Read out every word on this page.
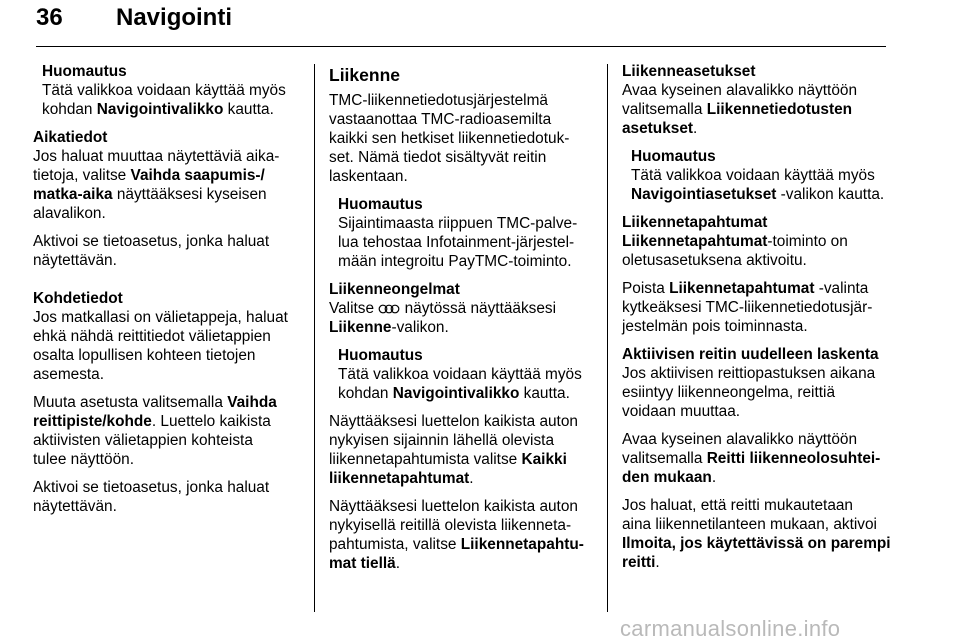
36 Navigointi
Huomautus
Tätä valikkoa voidaan käyttää myös
kohdan Navigointivalikko kautta.
Aikatiedot
Jos haluat muuttaa näytettäviä aika-
tietoja, valitse Vaihda saapumis-/
matka-aika näyttääksesi kyseisen
alavalikon.
Aktivoi se tietoasetus, jonka haluat
näytettävän.
Kohdetiedot
Jos matkallasi on välietappeja, haluat
ehkä nähdä reittitiedot välietappien
osalta lopullisen kohteen tietojen
asemesta.
Muuta asetusta valitsemalla Vaihda
reittipiste/kohde. Luettelo kaikista
aktiivisten välietappien kohteista
tulee näyttöön.
Aktivoi se tietoasetus, jonka haluat
näytettävän.
Liikenne
TMC-liikennetiedotusjärjestelmä
vastaanottaa TMC-radioasemilta
kaikki sen hetkiset liikennetiedotuk-
set. Nämä tiedot sisältyvät reitin
laskentaan.
Huomautus
Sijaintimaasta riippuen TMC-palve-
lua tehostaa Infotainment-järjestel-
mään integroitu PayTMC-toiminto.
Liikenneongelmat
Valitse  näytössä näyttääksesi
Liikenne-valikon.
Huomautus
Tätä valikkoa voidaan käyttää myös
kohdan Navigointivalikko kautta.
Näyttääksesi luettelon kaikista auton
nykyisen sijainnin lähellä olevista
liikennetapahtumista valitse Kaikki
liikennetapahtumat.
Näyttääksesi luettelon kaikista auton
nykyisellä reitillä olevista liikenneta-
pahtumista, valitse Liikennetapahtu-
mat tiellä.
Liikenneasetukset
Avaa kyseinen alavalikko näyttöön
valitsemalla Liikennetiedotusten
asetukset.
Huomautus
Tätä valikkoa voidaan käyttää myös
Navigointiasetukset -valikon kautta.
Liikennetapahtumat
Liikennetapahtumat-toiminto on
oletusasetuksena aktivoitu.
Poista Liikennetapahtumat -valinta
kytkeäksesi TMC-liikennetiedotusjär-
jestelmän pois toiminnasta.
Aktiivisen reitin uudelleen laskenta
Jos aktiivisen reittiopastuksen aikana
esiintyy liikenneongelma, reittiä
voidaan muuttaa.
Avaa kyseinen alavalikko näyttöön
valitsemalla Reitti liikenneolosuhtei-
den mukaan.
Jos haluat, että reitti mukautetaan
aina liikennetilanteen mukaan, aktivoi
Ilmoita, jos käytettävissä on parempi
reitti.
carmanualsonline.info
